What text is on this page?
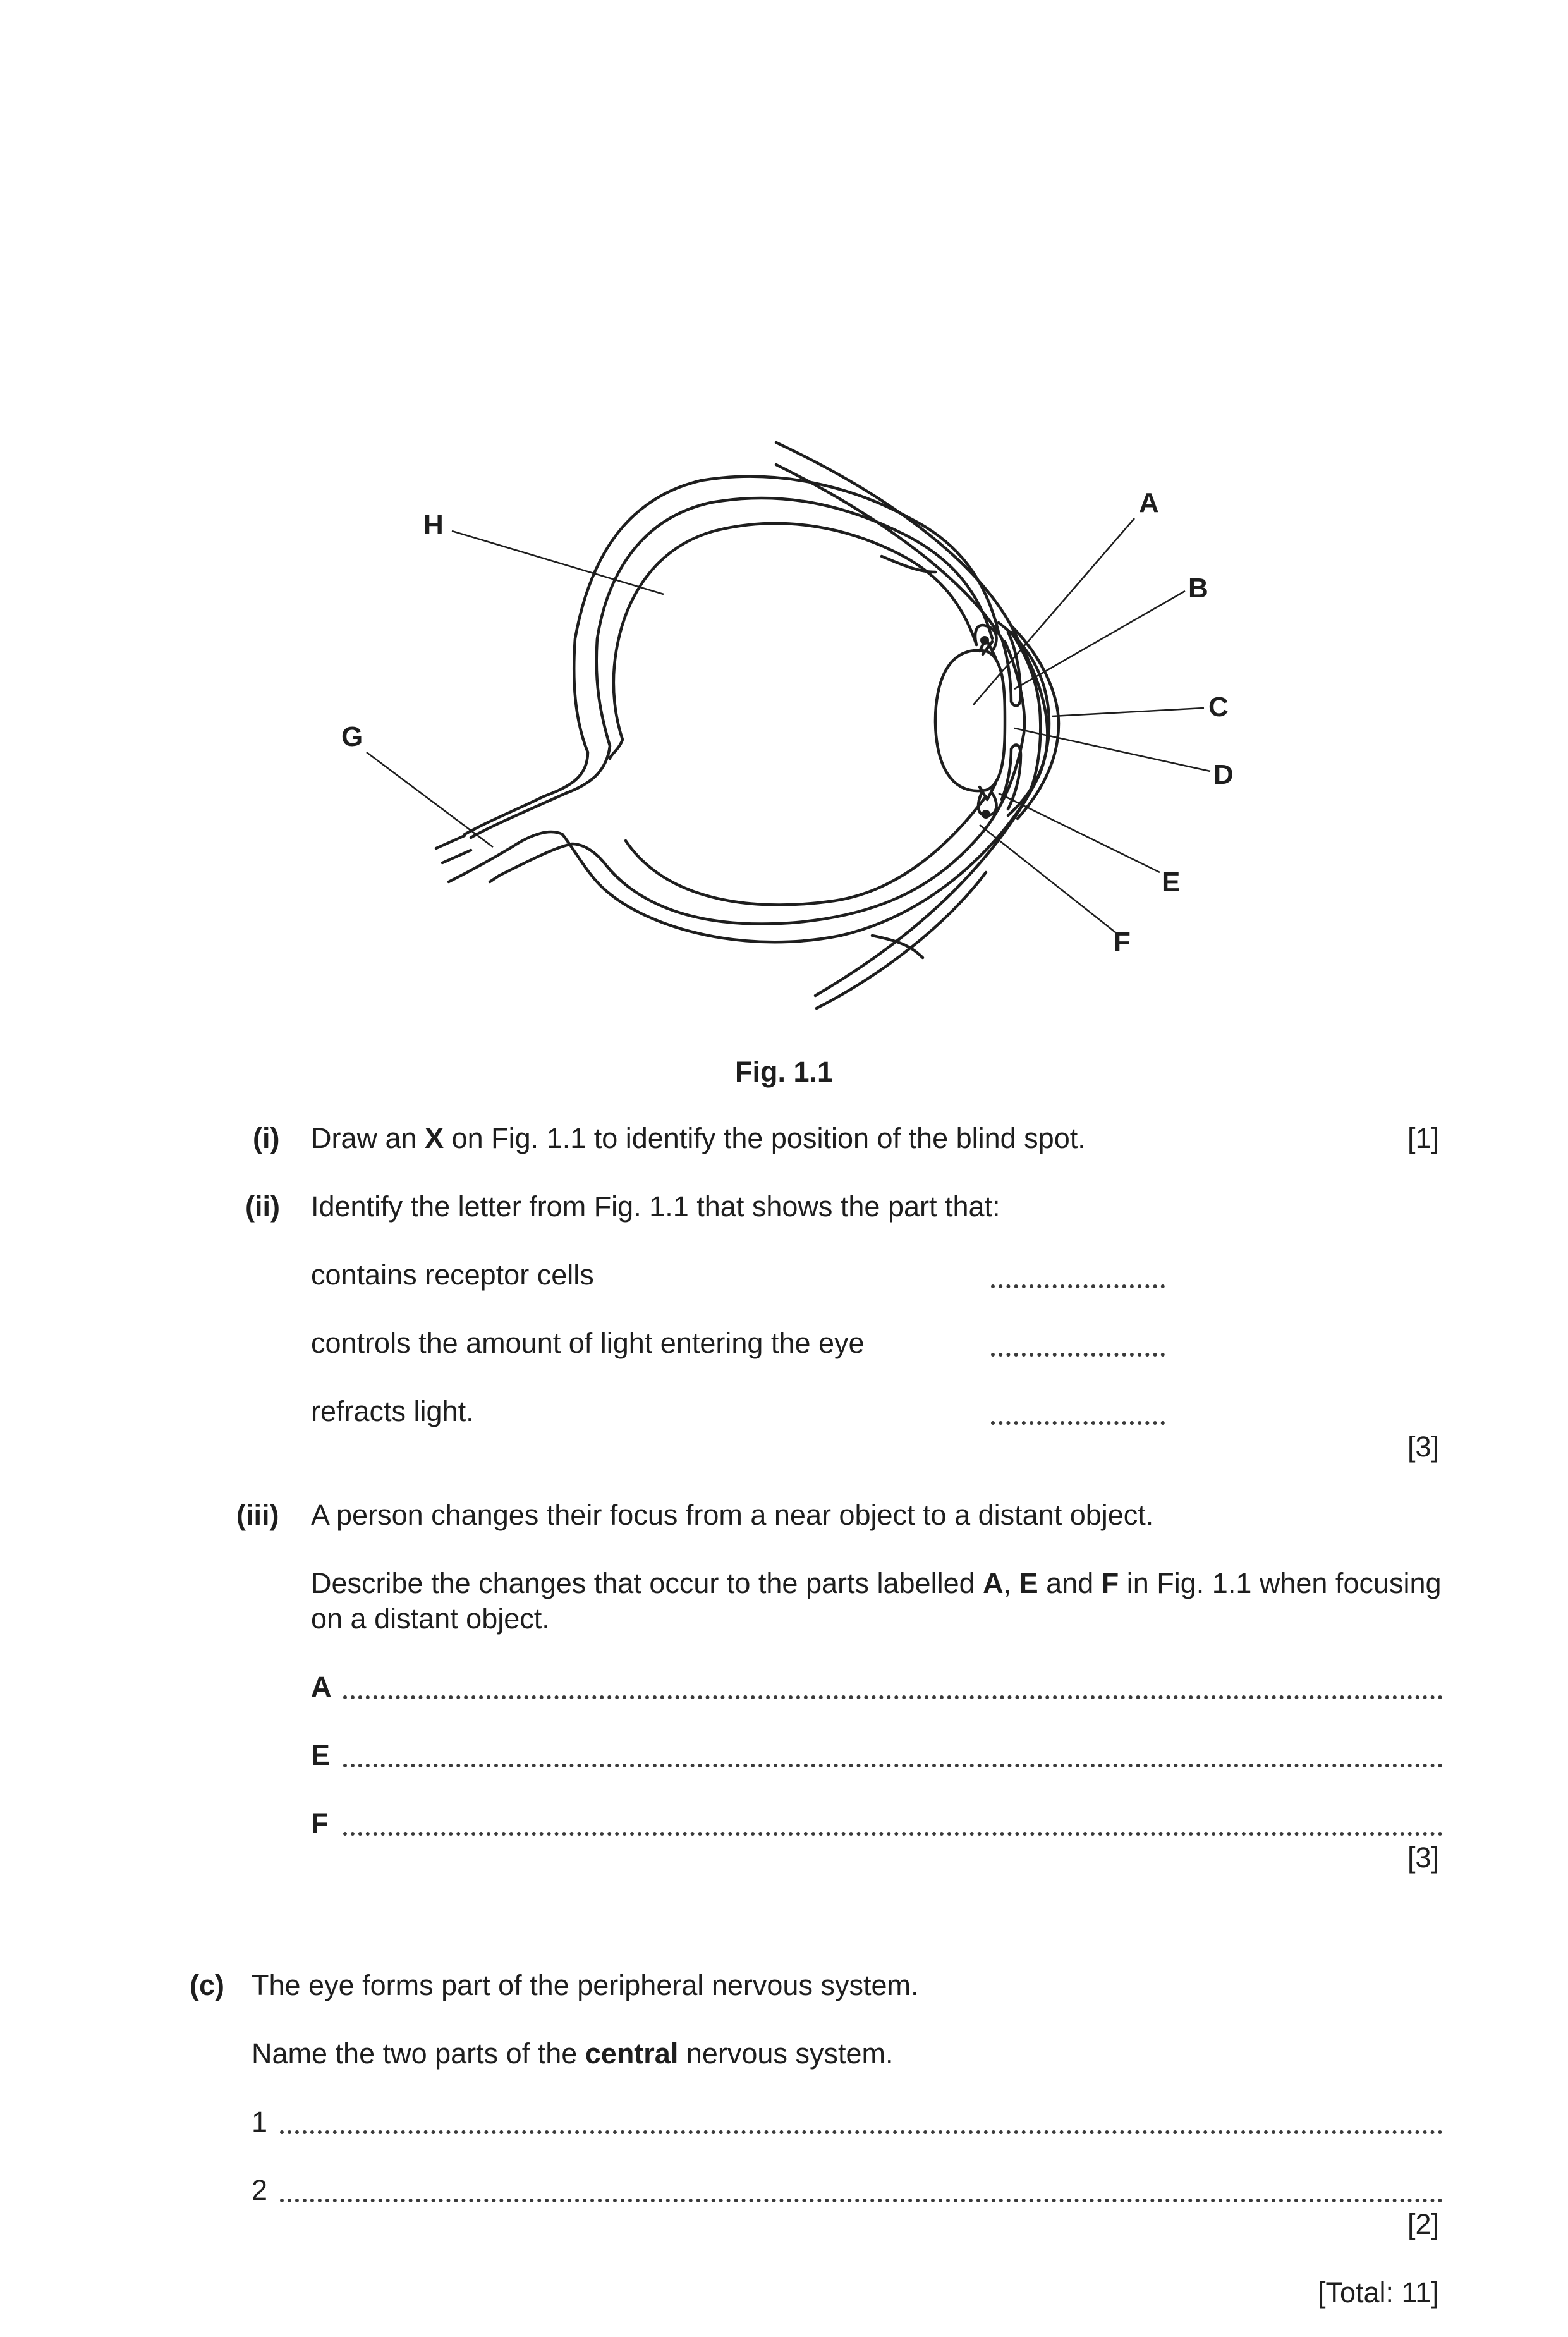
A
B
C
D
E
F
G
H
Fig. 1.1
(i) Draw an X on Fig. 1.1 to identify the position of the blind spot.	[1]
(ii) Identify the letter from Fig. 1.1 that shows the part that:
contains receptor cells
controls the amount of light entering the eye
refracts light.
[3]
(iii) A person changes their focus from a near object to a distant object.
Describe the changes that occur to the parts labelled A, E and F in Fig. 1.1 when focusing
on a distant object.
A
E
F
[3]
(c) The eye forms part of the peripheral nervous system.
Name the two parts of the central nervous system.
1
2
[2]
[Total: 11]
